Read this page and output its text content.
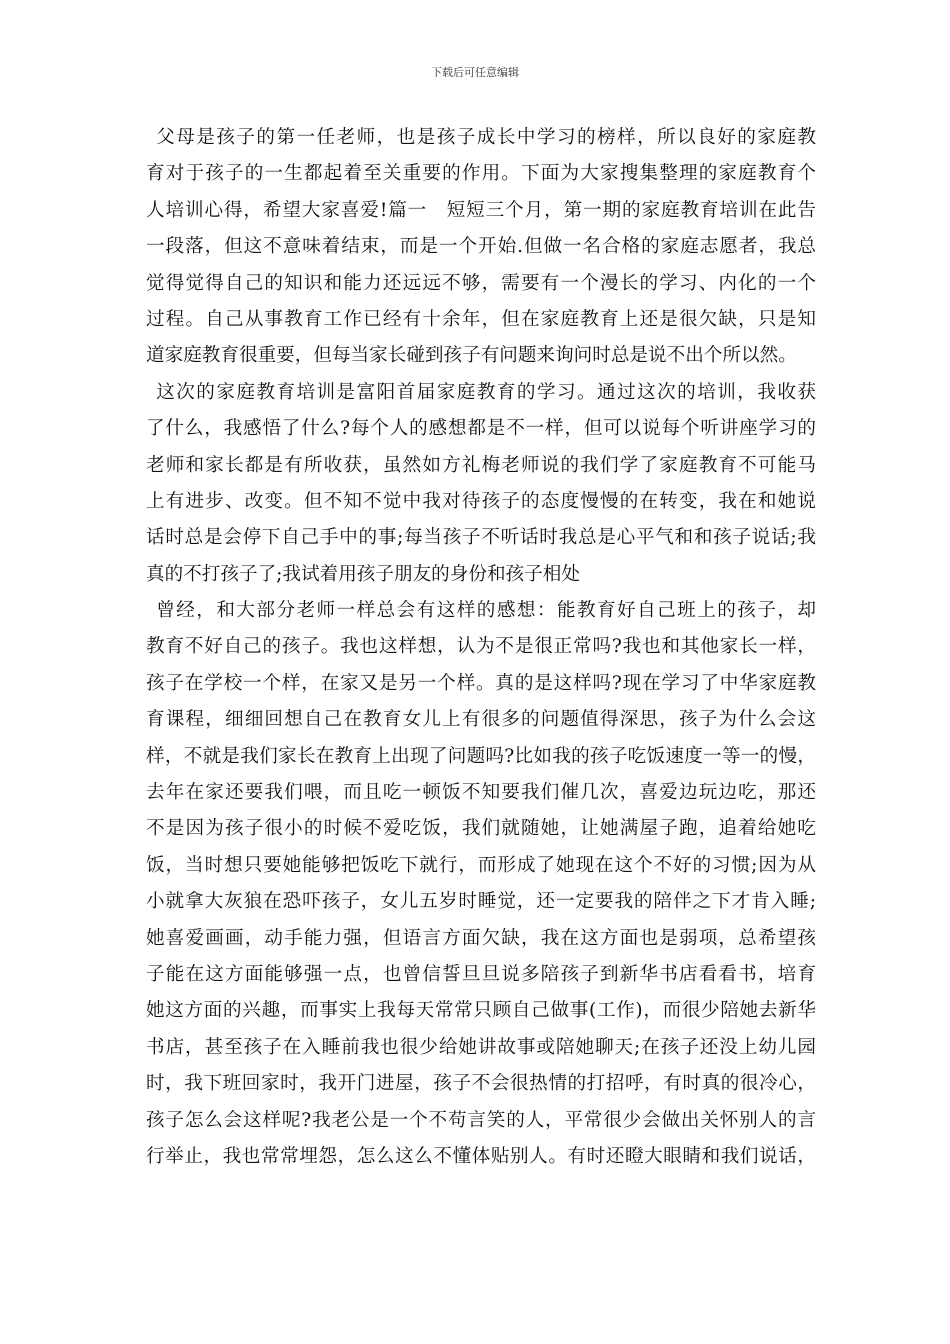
下载后可任意编辑
父母是孩子的第一任老师，也是孩子成长中学习的榜样，所以良好的家庭教
育对于孩子的一生都起着至关重要的作用。下面为大家搜集整理的家庭教育个
人培训心得，希望大家喜爱!篇一　短短三个月，第一期的家庭教育培训在此告
一段落，但这不意味着结束，而是一个开始.但做一名合格的家庭志愿者，我总
觉得觉得自己的知识和能力还远远不够，需要有一个漫长的学习、内化的一个
过程。自己从事教育工作已经有十余年，但在家庭教育上还是很欠缺，只是知
道家庭教育很重要，但每当家长碰到孩子有问题来询问时总是说不出个所以然。
这次的家庭教育培训是富阳首届家庭教育的学习。通过这次的培训，我收获
了什么，我感悟了什么?每个人的感想都是不一样，但可以说每个听讲座学习的
老师和家长都是有所收获，虽然如方礼梅老师说的我们学了家庭教育不可能马
上有进步、改变。但不知不觉中我对待孩子的态度慢慢的在转变，我在和她说
话时总是会停下自己手中的事;每当孩子不听话时我总是心平气和和孩子说话;我
真的不打孩子了;我试着用孩子朋友的身份和孩子相处
曾经，和大部分老师一样总会有这样的感想：能教育好自己班上的孩子，却
教育不好自己的孩子。我也这样想，认为不是很正常吗?我也和其他家长一样，
孩子在学校一个样，在家又是另一个样。真的是这样吗?现在学习了中华家庭教
育课程，细细回想自己在教育女儿上有很多的问题值得深思，孩子为什么会这
样，不就是我们家长在教育上出现了问题吗?比如我的孩子吃饭速度一等一的慢，
去年在家还要我们喂，而且吃一顿饭不知要我们催几次，喜爱边玩边吃，那还
不是因为孩子很小的时候不爱吃饭，我们就随她，让她满屋子跑，追着给她吃
饭，当时想只要她能够把饭吃下就行，而形成了她现在这个不好的习惯;因为从
小就拿大灰狼在恐吓孩子，女儿五岁时睡觉，还一定要我的陪伴之下才肯入睡;
她喜爱画画，动手能力强，但语言方面欠缺，我在这方面也是弱项，总希望孩
子能在这方面能够强一点，也曾信誓旦旦说多陪孩子到新华书店看看书，培育
她这方面的兴趣，而事实上我每天常常只顾自己做事(工作)，而很少陪她去新华
书店，甚至孩子在入睡前我也很少给她讲故事或陪她聊天;在孩子还没上幼儿园
时，我下班回家时，我开门进屋，孩子不会很热情的打招呼，有时真的很冷心，
孩子怎么会这样呢?我老公是一个不苟言笑的人，平常很少会做出关怀别人的言
行举止，我也常常埋怨，怎么这么不懂体贴别人。有时还瞪大眼睛和我们说话，
